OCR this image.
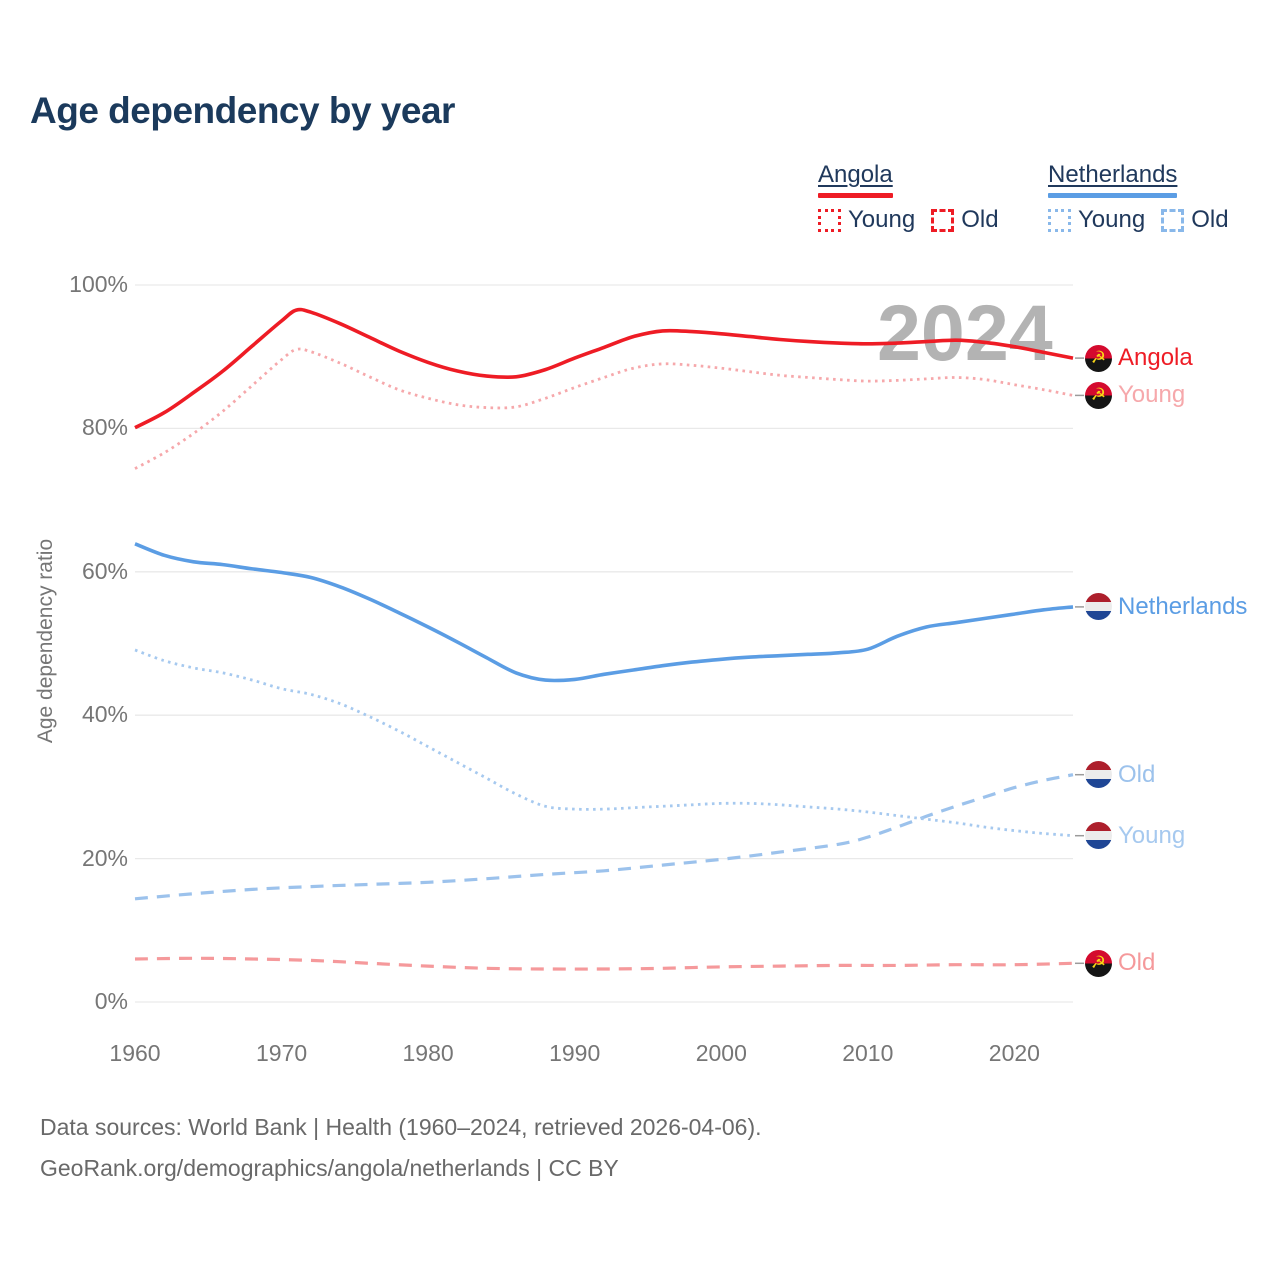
Age dependency by year
Angola
Young Old
Netherlands
Young Old
2024
Age dependency ratio
Old
Young
Netherlands
☭ Old
☭ Young
☭ Angola
0%
20%
40%
60%
80%
100%
1960	1970	1980	1990	2000	2010	2020
Data sources: World Bank | Health (1960–2024, retrieved 2026-04-06).
GeoRank.org/demographics/angola/netherlands | CC BY
